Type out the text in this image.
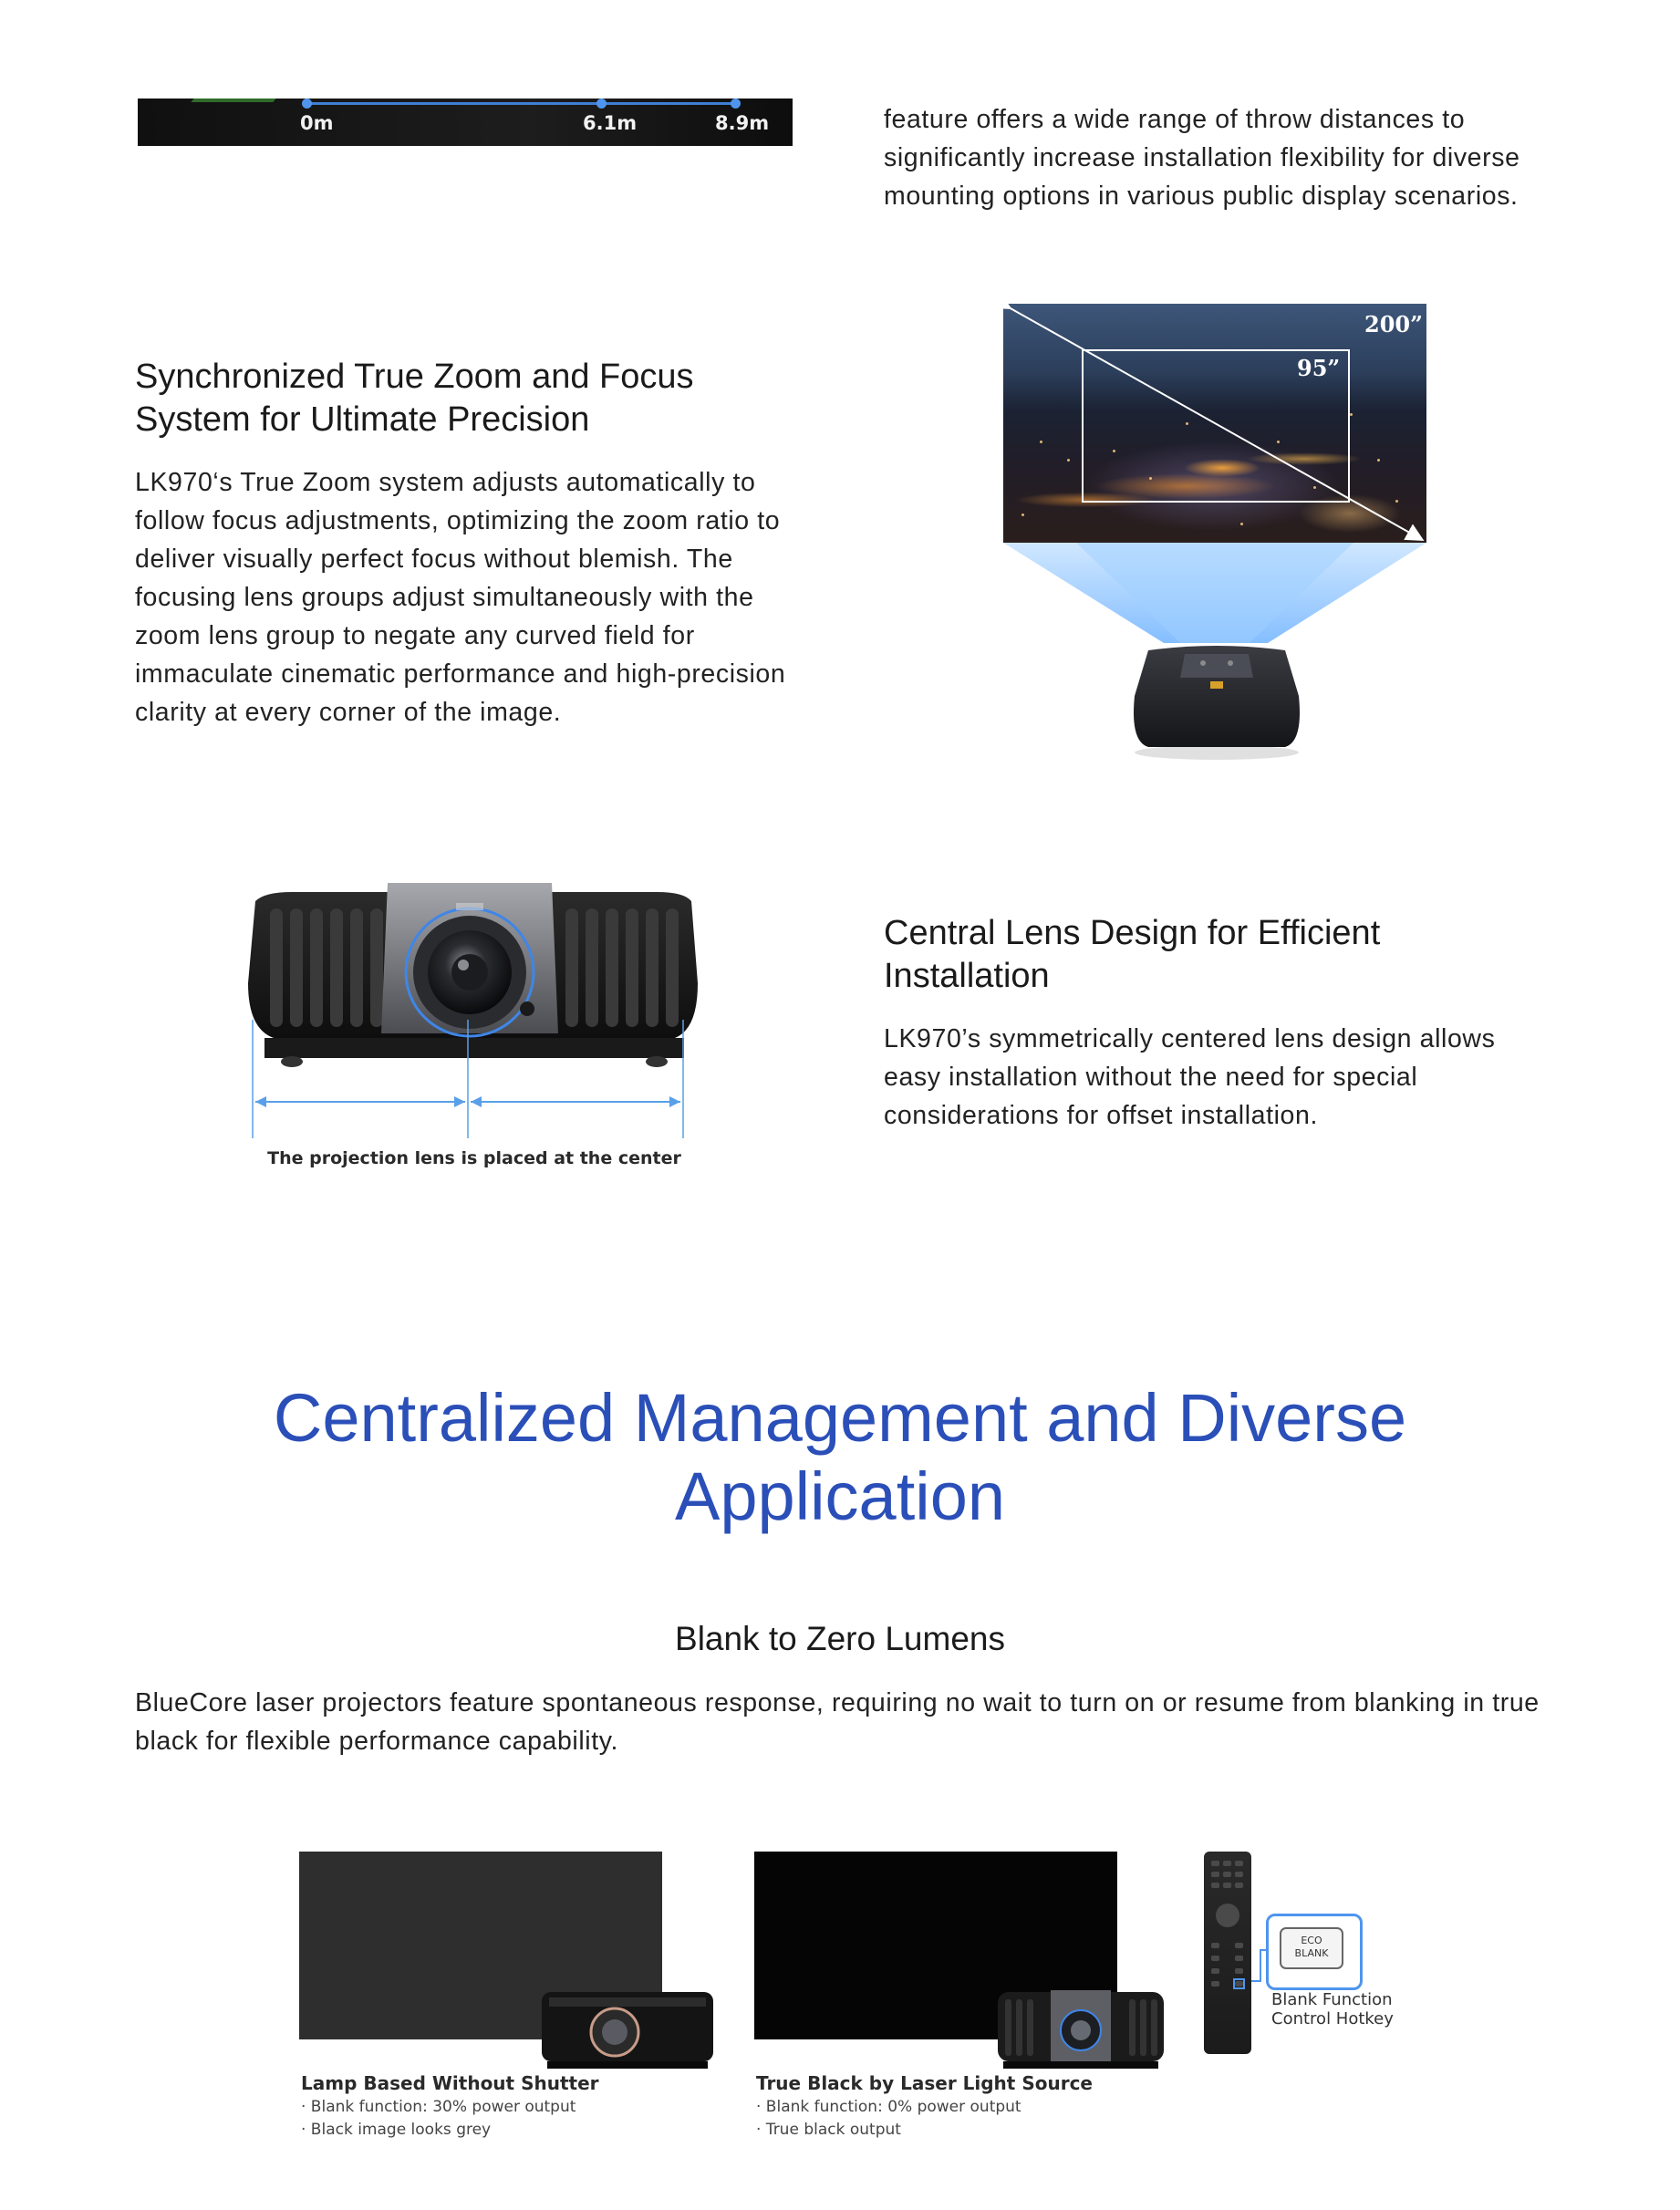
0m	6.1m	8.9m	feature offers a wide range of throw distances to significantly increase installation flexibility for diverse mounting options in various public display scenarios.

Synchronized True Zoom and Focus System for Ultimate Precision

LK970‘s True Zoom system adjusts automatically to follow focus adjustments, optimizing the zoom ratio to deliver visually perfect focus without blemish. The focusing lens groups adjust simultaneously with the zoom lens group to negate any curved field for immaculate cinematic performance and high-precision clarity at every corner of the image.

200”
95”
The projection lens is placed at the center
Central Lens Design for Efficient Installation

LK970’s symmetrically centered lens design allows easy installation without the need for special considerations for offset installation.

Centralized Management and Diverse Application
Blank to Zero Lumens

BlueCore laser projectors feature spontaneous response, requiring no wait to turn on or resume from blanking in true black for flexible performance capability.

Lamp Based Without Shutter
· Blank function: 30% power output
· Black image looks grey
True Black by Laser Light Source
· Blank function: 0% power output
· True black output
ECO
BLANK
Blank Function Control Hotkey
